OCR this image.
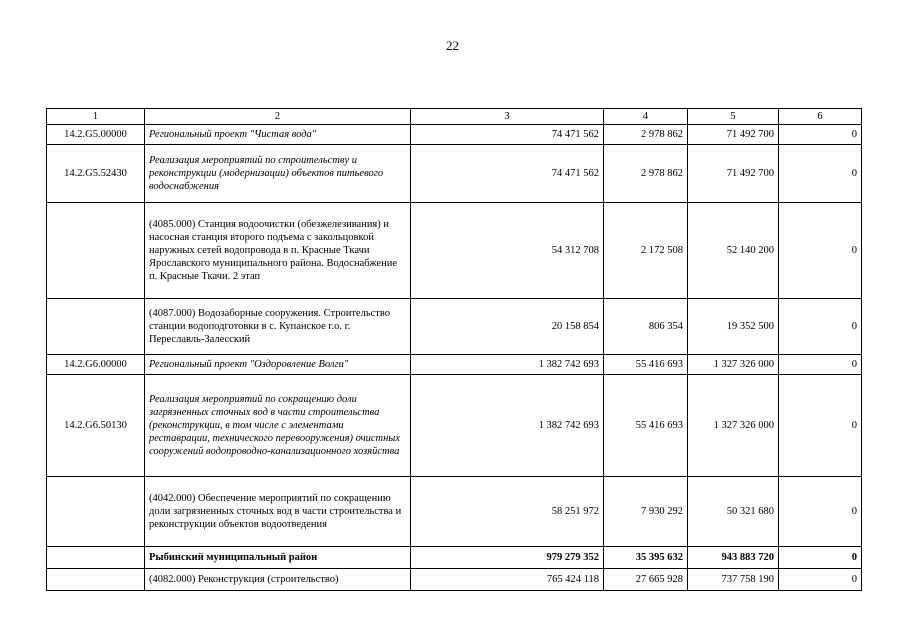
22
1	2	3	4	5	6
14.2.G5.00000	Региональный проект "Чистая вода"	74 471 562	2 978 862	71 492 700	0
14.2.G5.52430	Реализация мероприятий по строительству и реконструкции (модернизации) объектов питьевого водоснабжения	74 471 562	2 978 862	71 492 700	0
	(4085.000) Станция водоочистки (обезжелезивания) и насосная станция второго подъема с закольцовкой наружных сетей водопровода в п. Красные Ткачи Ярославского муниципального района. Водоснабжение п. Красные Ткачи. 2 этап	54 312 708	2 172 508	52 140 200	0
	(4087.000) Водозаборные сооружения. Строительство станции водоподготовки в с. Купанское г.о. г. Переславль-Залесский	20 158 854	806 354	19 352 500	0
14.2.G6.00000	Региональный проект "Оздоровление Волги"	1 382 742 693	55 416 693	1 327 326 000	0
14.2.G6.50130	Реализация мероприятий по сокращению доли загрязненных сточных вод в части строительства (реконструкции, в том числе с элементами реставрации, технического перевооружения) очистных сооружений водопроводно-канализационного хозяйства	1 382 742 693	55 416 693	1 327 326 000	0
	(4042.000) Обеспечение мероприятий по сокращению доли загрязненных сточных вод в части строительства и реконструкции объектов водоотведения	58 251 972	7 930 292	50 321 680	0
	Рыбинский муниципальный район	979 279 352	35 395 632	943 883 720	0
	(4082.000) Реконструкция (строительство)	765 424 118	27 665 928	737 758 190	0
